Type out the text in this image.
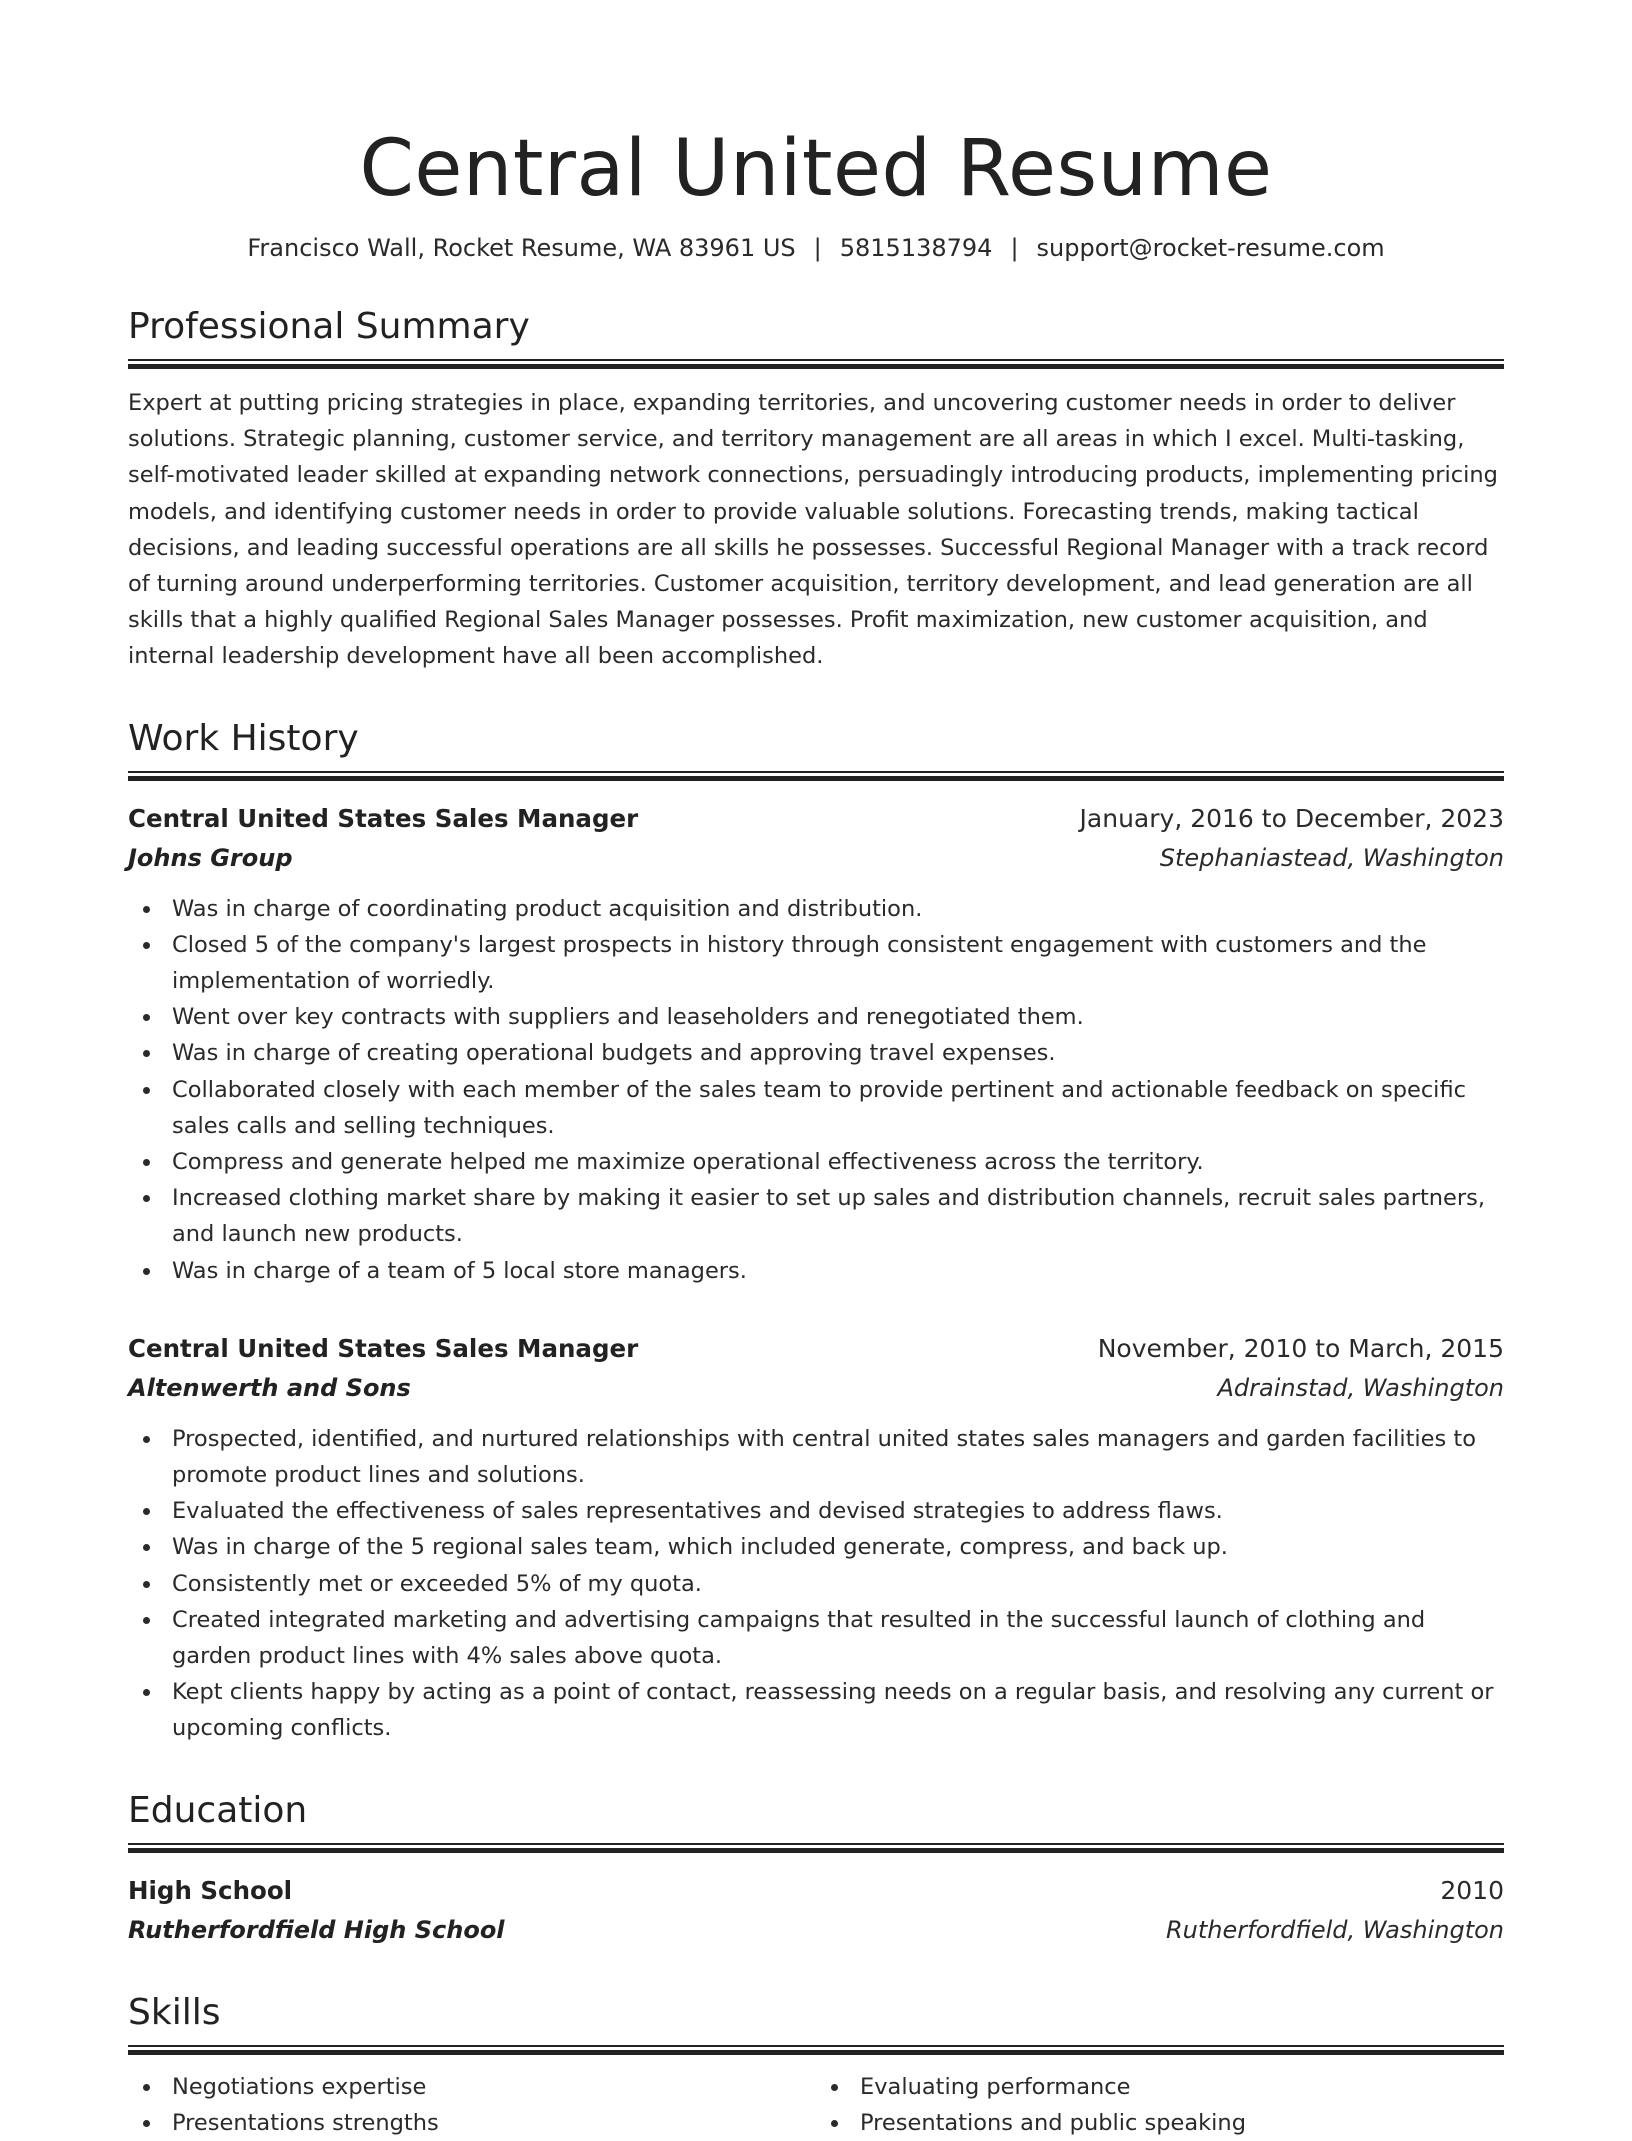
Central United Resume
Francisco Wall, Rocket Resume, WA 83961 US | 5815138794 | support@rocket-resume.com
Professional Summary

Expert at putting pricing strategies in place, expanding territories, and uncovering customer needs in order to deliver solutions. Strategic planning, customer service, and territory management are all areas in which I excel. Multi-tasking, self-motivated leader skilled at expanding network connections, persuadingly introducing products, implementing pricing models, and identifying customer needs in order to provide valuable solutions. Forecasting trends, making tactical decisions, and leading successful operations are all skills he possesses. Successful Regional Manager with a track record of turning around underperforming territories. Customer acquisition, territory development, and lead generation are all skills that a highly qualified Regional Sales Manager possesses. Profit maximization, new customer acquisition, and internal leadership development have all been accomplished.

Work History
Central United States Sales Manager	January, 2016 to December, 2023
Johns Group	Stephaniastead, Washington
Was in charge of coordinating product acquisition and distribution.
Closed 5 of the company's largest prospects in history through consistent engagement with customers and the implementation of worriedly.
Went over key contracts with suppliers and leaseholders and renegotiated them.
Was in charge of creating operational budgets and approving travel expenses.
Collaborated closely with each member of the sales team to provide pertinent and actionable feedback on specific sales calls and selling techniques.
Compress and generate helped me maximize operational effectiveness across the territory.
Increased clothing market share by making it easier to set up sales and distribution channels, recruit sales partners, and launch new products.
Was in charge of a team of 5 local store managers.
Central United States Sales Manager	November, 2010 to March, 2015
Altenwerth and Sons	Adrainstad, Washington
Prospected, identified, and nurtured relationships with central united states sales managers and garden facilities to promote product lines and solutions.
Evaluated the effectiveness of sales representatives and devised strategies to address flaws.
Was in charge of the 5 regional sales team, which included generate, compress, and back up.
Consistently met or exceeded 5% of my quota.
Created integrated marketing and advertising campaigns that resulted in the successful launch of clothing and garden product lines with 4% sales above quota.
Kept clients happy by acting as a point of contact, reassessing needs on a regular basis, and resolving any current or upcoming conflicts.
Education
High School	2010
Rutherfordfield High School	Rutherfordfield, Washington
Skills
Negotiations expertise
Presentations strengths
Evaluating performance
Presentations and public speaking
